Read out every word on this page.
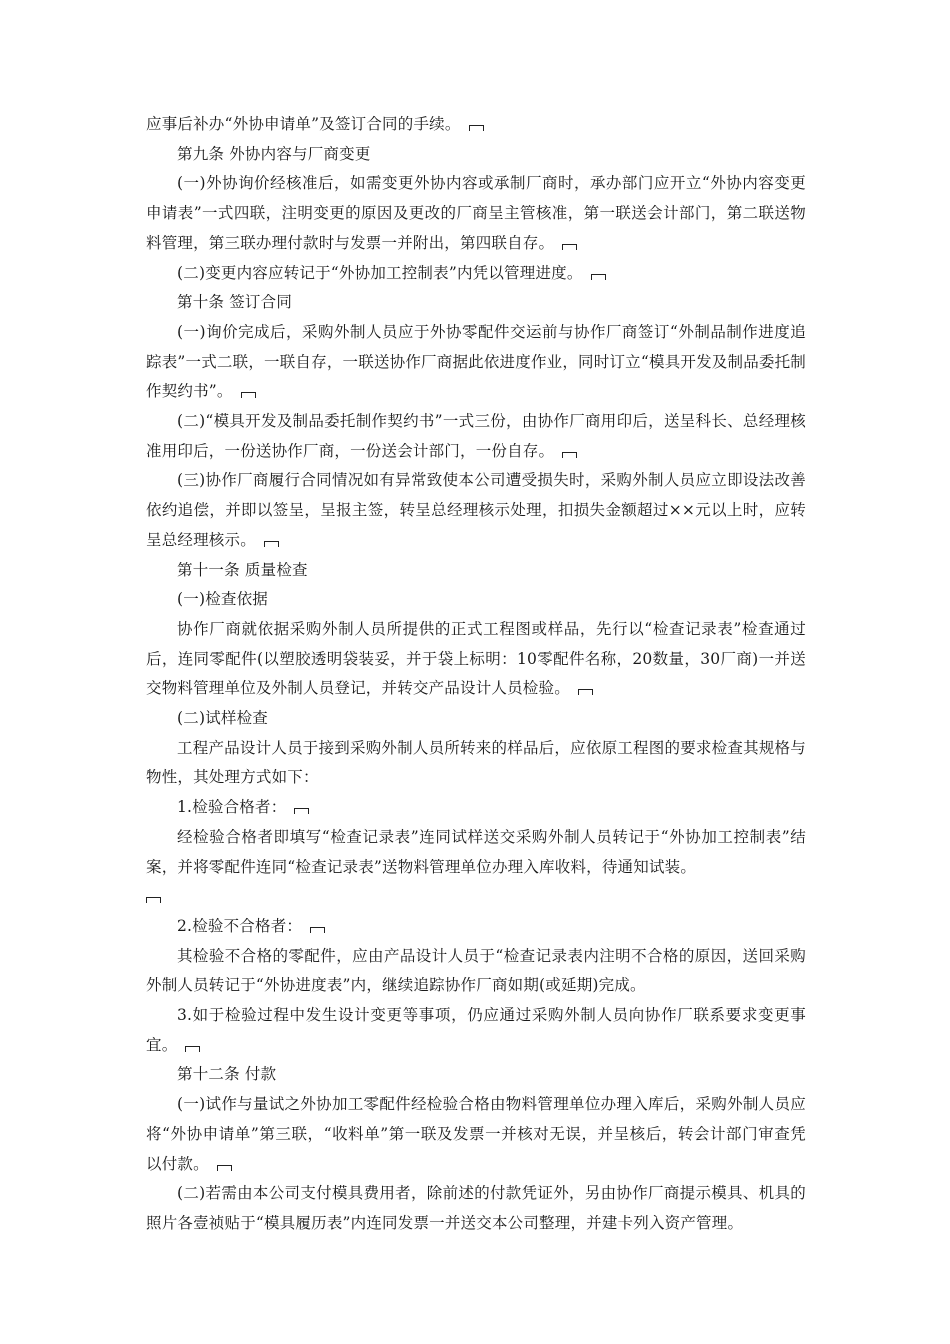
应事后补办“外协申请单”及签订合同的手续。

第九条 外协内容与厂商变更

(一)外协询价经核准后，如需变更外协内容或承制厂商时，承办部门应开立“外协内容变更申请表”一式四联，注明变更的原因及更改的厂商呈主管核准，第一联送会计部门，第二联送物料管理，第三联办理付款时与发票一并附出，第四联自存。

(二)变更内容应转记于“外协加工控制表”内凭以管理进度。

第十条 签订合同

(一)询价完成后，采购外制人员应于外协零配件交运前与协作厂商签订“外制品制作进度追踪表”一式二联，一联自存，一联送协作厂商据此依进度作业，同时订立“模具开发及制品委托制作契约书”。

(二)“模具开发及制品委托制作契约书”一式三份，由协作厂商用印后，送呈科长、总经理核准用印后，一份送协作厂商，一份送会计部门，一份自存。

(三)协作厂商履行合同情况如有异常致使本公司遭受损失时，采购外制人员应立即设法改善依约追偿，并即以签呈，呈报主签，转呈总经理核示处理，扣损失金额超过××元以上时，应转呈总经理核示。

第十一条 质量检查

(一)检查依据

协作厂商就依据采购外制人员所提供的正式工程图或样品，先行以“检查记录表”检查通过后，连同零配件(以塑胶透明袋装妥，并于袋上标明：10零配件名称，20数量，30厂商)一并送交物料管理单位及外制人员登记，并转交产品设计人员检验。

(二)试样检查

工程产品设计人员于接到采购外制人员所转来的样品后，应依原工程图的要求检查其规格与物性，其处理方式如下：

1.检验合格者：

经检验合格者即填写“检查记录表”连同试样送交采购外制人员转记于“外协加工控制表”结案，并将零配件连同“检查记录表”送物料管理单位办理入库收料，待通知试装。

2.检验不合格者：

其检验不合格的零配件，应由产品设计人员于“检查记录表内注明不合格的原因，送回采购外制人员转记于“外协进度表”内，继续追踪协作厂商如期(或延期)完成。

3.如于检验过程中发生设计变更等事项，仍应通过采购外制人员向协作厂联系要求变更事宜。

第十二条 付款

(一)试作与量试之外协加工零配件经检验合格由物料管理单位办理入库后，采购外制人员应将“外协申请单”第三联，“收料单”第一联及发票一并核对无误，并呈核后，转会计部门审查凭以付款。

(二)若需由本公司支付模具费用者，除前述的付款凭证外，另由协作厂商提示模具、机具的照片各壹祯贴于“模具履历表”内连同发票一并送交本公司整理，并建卡列入资产管理。
